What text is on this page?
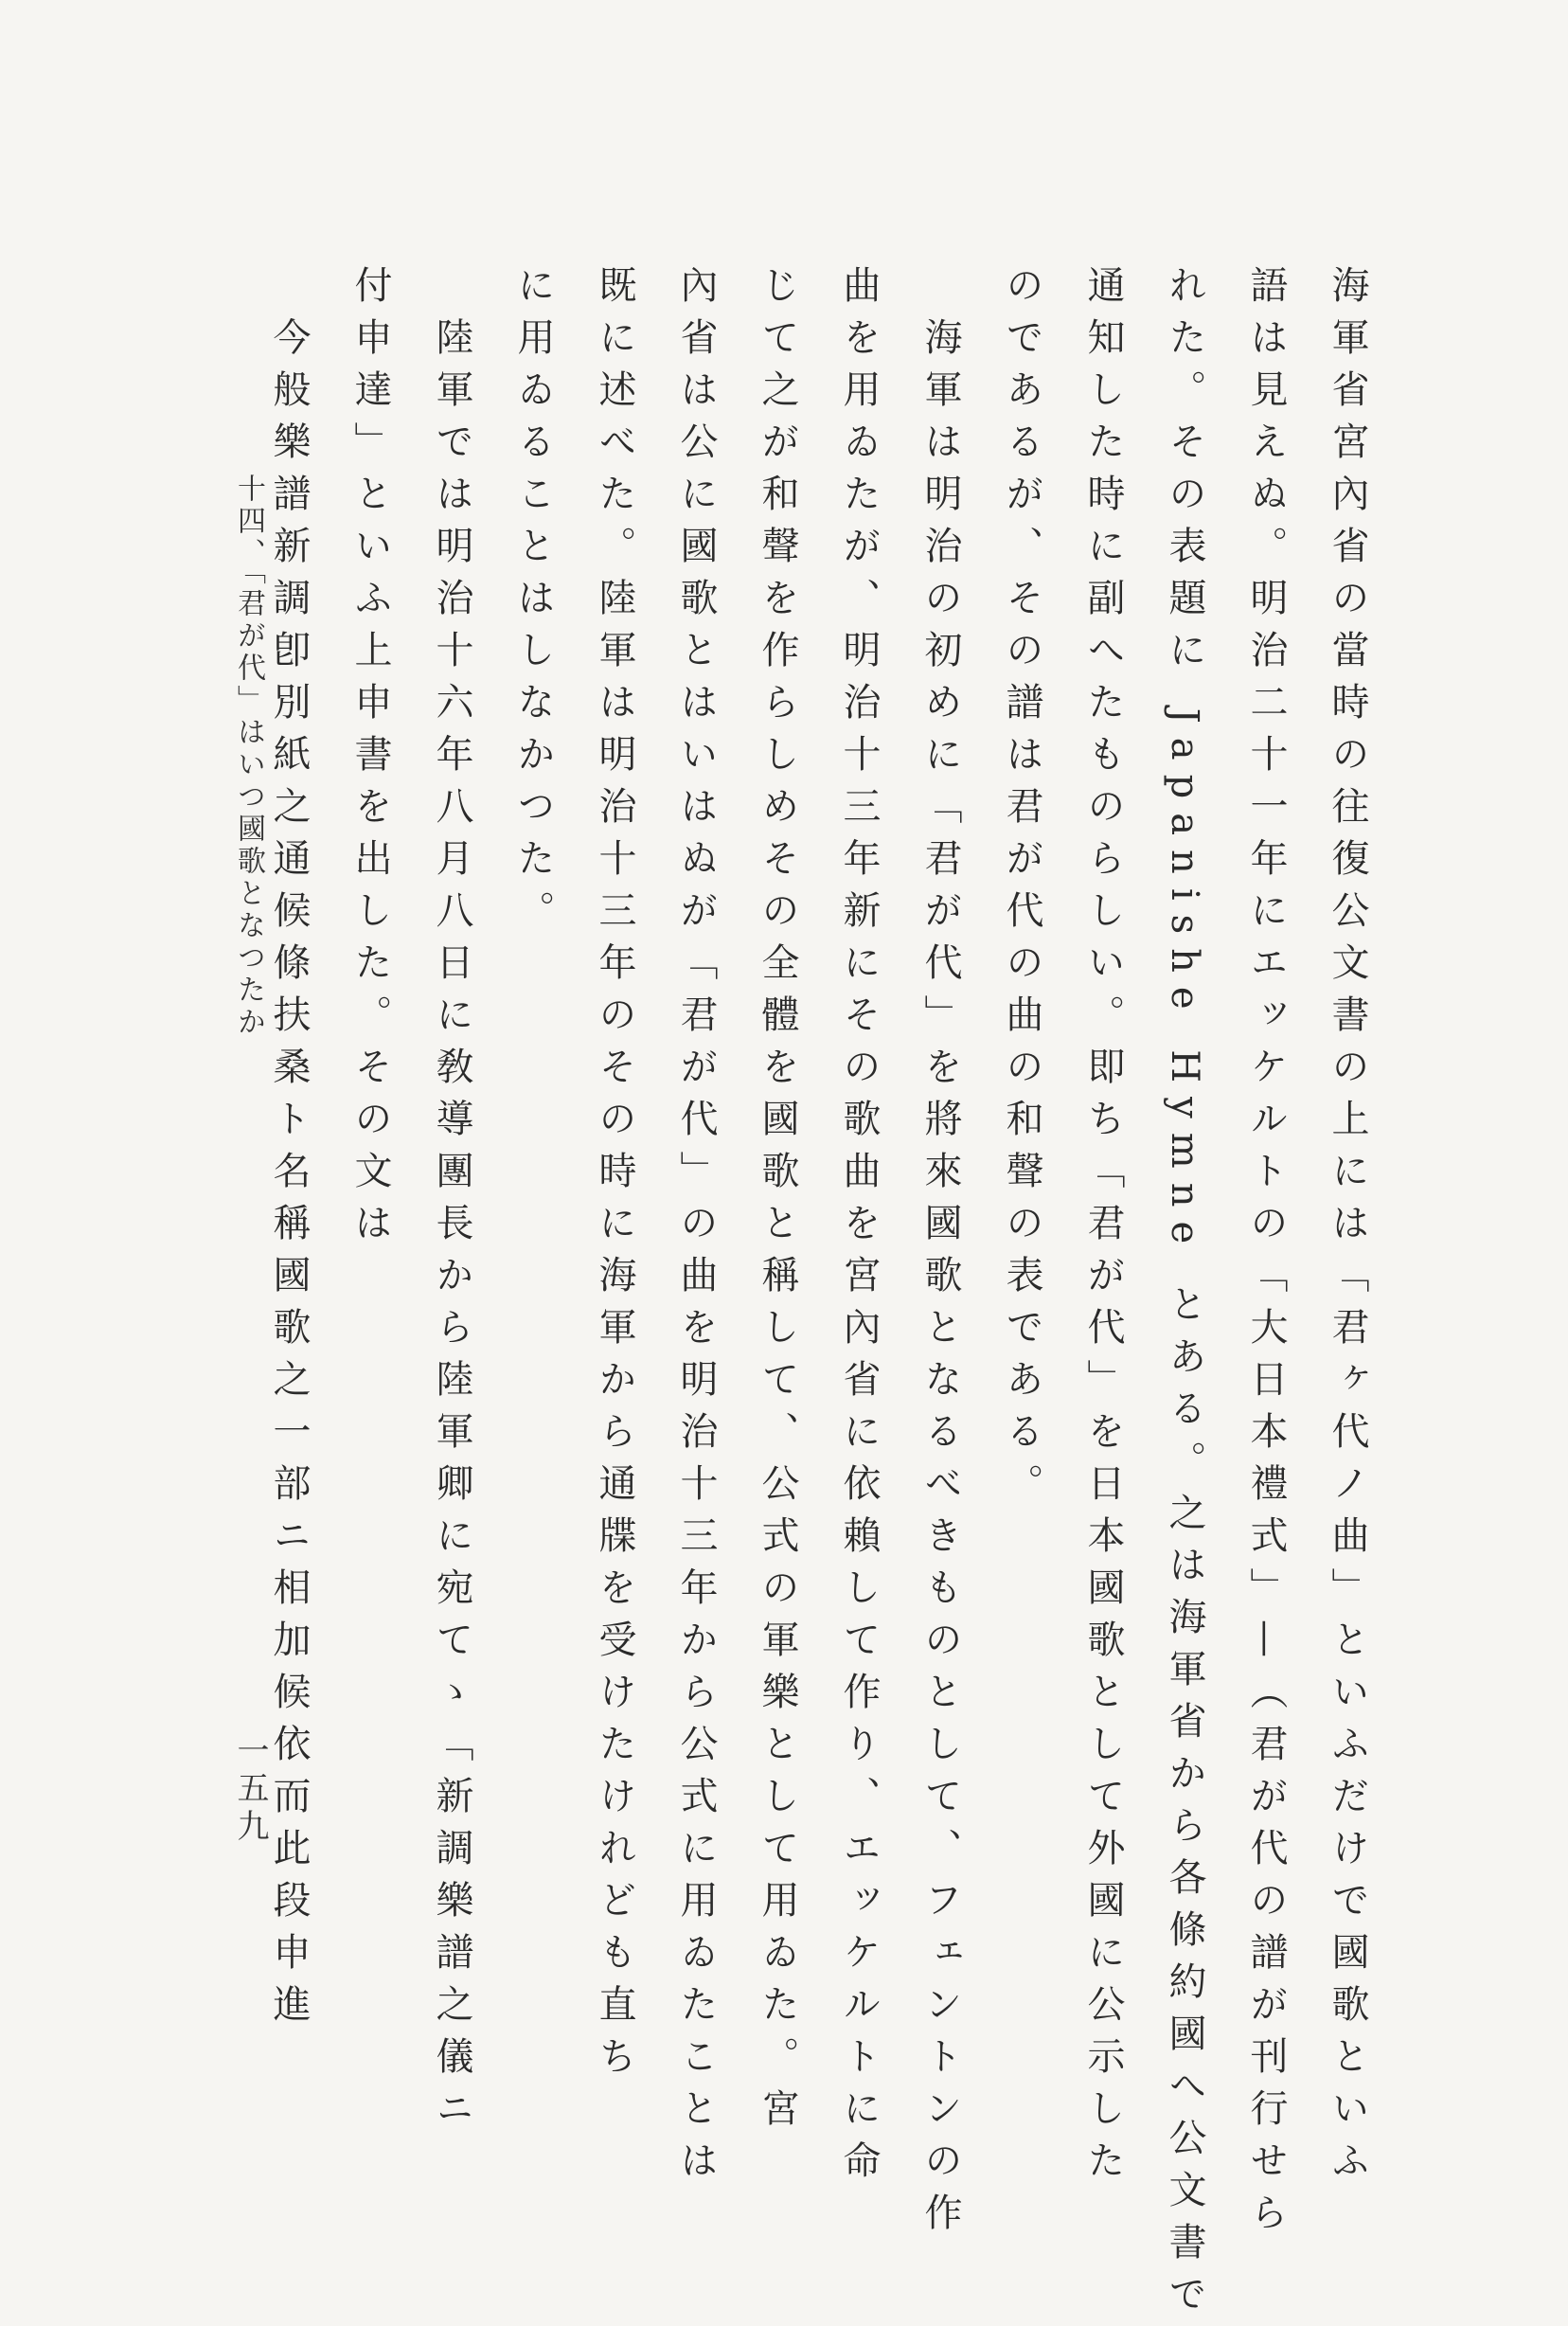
海軍省宮內省の當時の往復公文書の上には「君ヶ代ノ曲」といふだけで國歌といふ
語は見えぬ。明治二十一年にエッケルトの「大日本禮式」—（君が代の譜が刊行せら
れた。その表題に Japanishe Hymne とある。之は海軍省から各條約國へ公文書で
通知した時に副へたものらしい。即ち「君が代」を日本國歌として外國に公示した
のであるが、その譜は君が代の曲の和聲の表である。
　海軍は明治の初めに「君が代」を將來國歌となるべきものとして、フェントンの作
曲を用ゐたが、明治十三年新にその歌曲を宮內省に依賴して作り、エッケルトに命
じて之が和聲を作らしめその全體を國歌と稱して、公式の軍樂として用ゐた。宮
內省は公に國歌とはいはぬが「君が代」の曲を明治十三年から公式に用ゐたことは
既に述べた。陸軍は明治十三年のその時に海軍から通牒を受けたけれども直ち
に用ゐることはしなかつた。
　陸軍では明治十六年八月八日に敎導團長から陸軍卿に宛てゝ「新調樂譜之儀ニ
付申達」といふ上申書を出した。その文は
　今般樂譜新調卽別紙之通候條扶桑ト名稱國歌之一部ニ相加候依而此段申進
十四、「君が代」はいつ國歌となつたか
一五九
